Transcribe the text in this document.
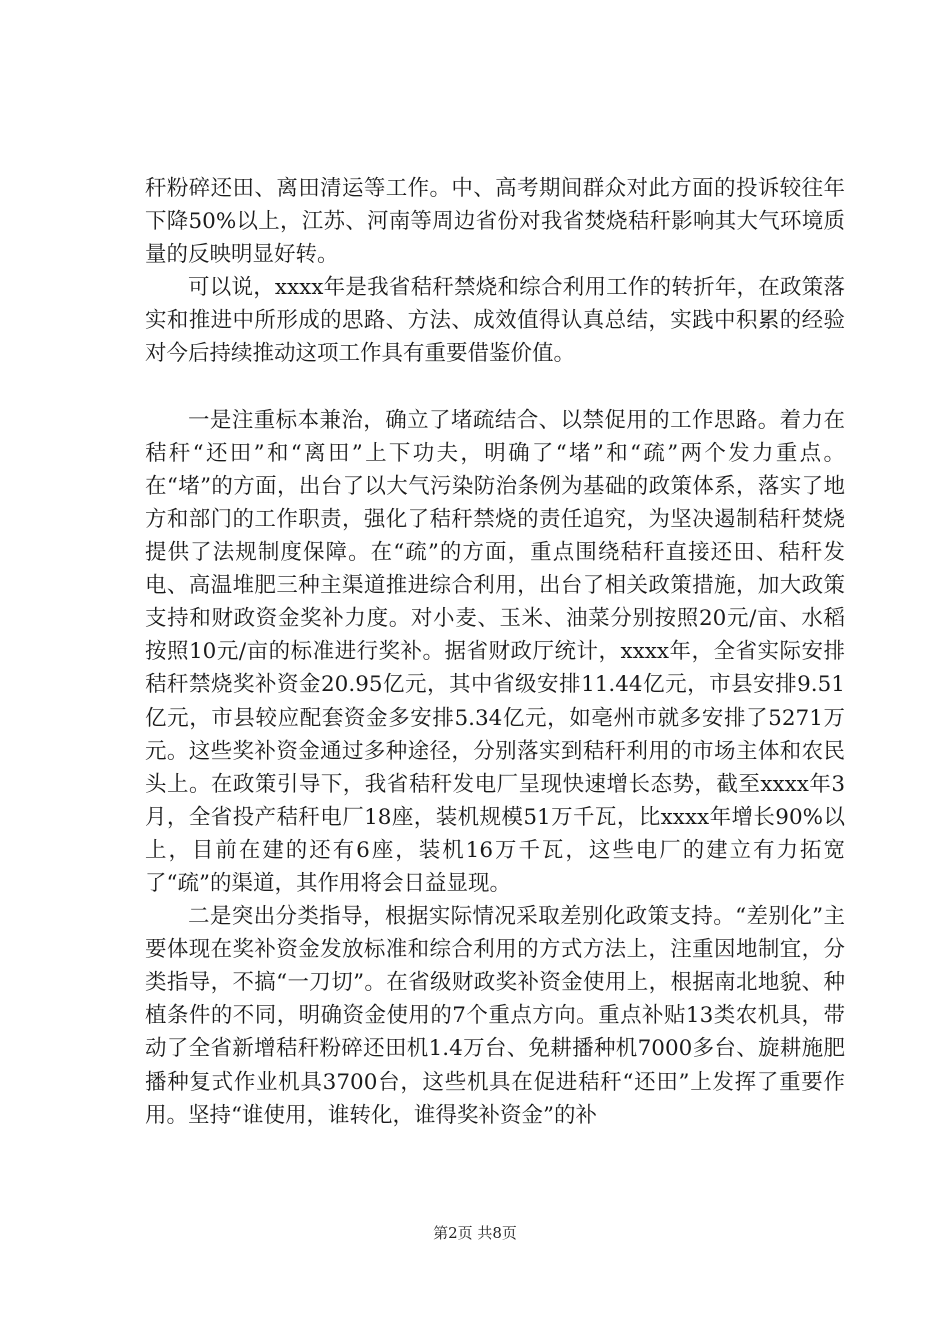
秆粉碎还田、离田清运等工作。中、高考期间群众对此方面的投诉较往年下降50%以上，江苏、河南等周边省份对我省焚烧秸秆影响其大气环境质量的反映明显好转。

可以说，xxxx年是我省秸秆禁烧和综合利用工作的转折年，在政策落实和推进中所形成的思路、方法、成效值得认真总结，实践中积累的经验对今后持续推动这项工作具有重要借鉴价值。

一是注重标本兼治，确立了堵疏结合、以禁促用的工作思路。着力在秸秆“还田”和“离田”上下功夫，明确了“堵”和“疏”两个发力重点。在“堵”的方面，出台了以大气污染防治条例为基础的政策体系，落实了地方和部门的工作职责，强化了秸秆禁烧的责任追究，为坚决遏制秸秆焚烧提供了法规制度保障。在“疏”的方面，重点围绕秸秆直接还田、秸秆发电、高温堆肥三种主渠道推进综合利用，出台了相关政策措施，加大政策支持和财政资金奖补力度。对小麦、玉米、油菜分别按照20元/亩、水稻按照10元/亩的标准进行奖补。据省财政厅统计，xxxx年，全省实际安排秸秆禁烧奖补资金20.95亿元，其中省级安排11.44亿元，市县安排9.51亿元，市县较应配套资金多安排5.34亿元，如亳州市就多安排了5271万元。这些奖补资金通过多种途径，分别落实到秸秆利用的市场主体和农民头上。在政策引导下，我省秸秆发电厂呈现快速增长态势，截至xxxx年3月，全省投产秸秆电厂18座，装机规模51万千瓦，比xxxx年增长90%以上，目前在建的还有6座，装机16万千瓦，这些电厂的建立有力拓宽了“疏”的渠道，其作用将会日益显现。

二是突出分类指导，根据实际情况采取差别化政策支持。“差别化”主要体现在奖补资金发放标准和综合利用的方式方法上，注重因地制宜，分类指导，不搞“一刀切”。在省级财政奖补资金使用上，根据南北地貌、种植条件的不同，明确资金使用的7个重点方向。重点补贴13类农机具，带动了全省新增秸秆粉碎还田机1.4万台、免耕播种机7000多台、旋耕施肥播种复式作业机具3700台，这些机具在促进秸秆“还田”上发挥了重要作用。坚持“谁使用，谁转化，谁得奖补资金”的补

第2页 共8页
